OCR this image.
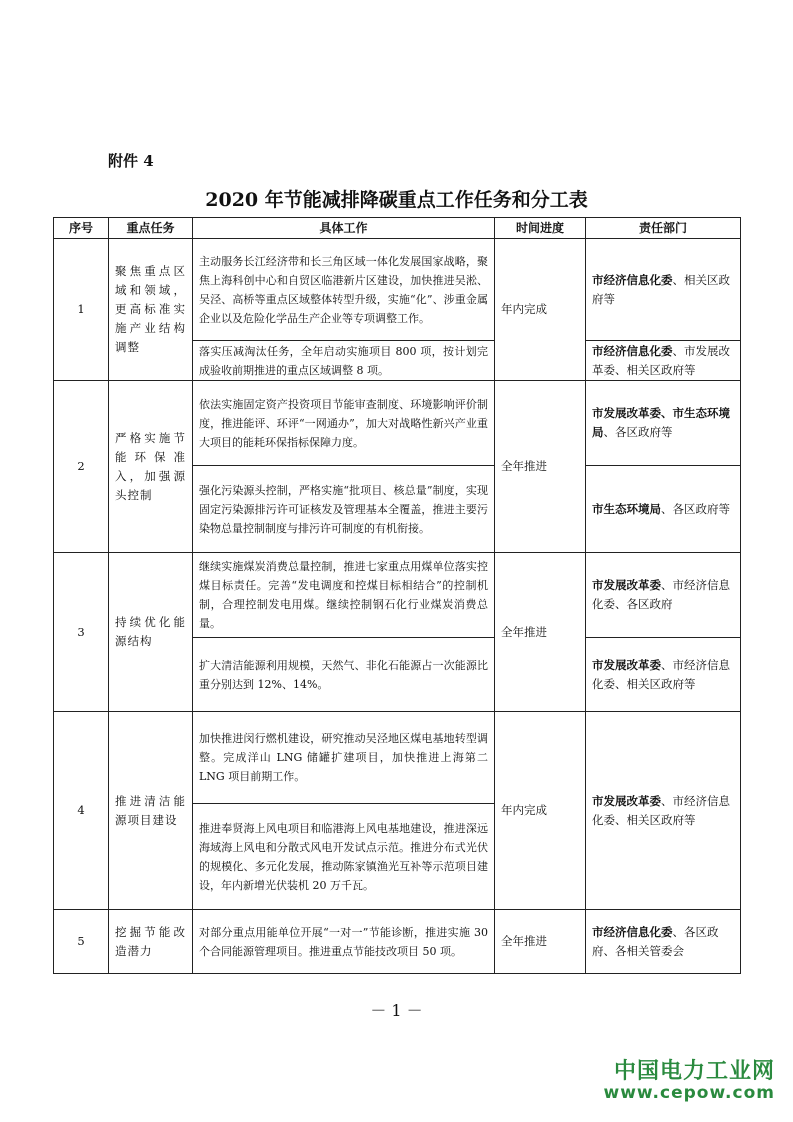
附件 4
2020 年节能减排降碳重点工作任务和分工表
序号	重点任务	具体工作	时间进度	责任部门
1	聚焦重点区域和领域，更高标准实施产业结构调整	主动服务长江经济带和长三角区域一体化发展国家战略，聚焦上海科创中心和自贸区临港新片区建设，加快推进吴淞、吴泾、高桥等重点区域整体转型升级，实施“化”、涉重金属企业以及危险化学品生产企业等专项调整工作。	年内完成	市经济信息化委、相关区政府等
		落实压减淘汰任务，全年启动实施项目 800 项，按计划完成验收前期推进的重点区域调整 8 项。		市经济信息化委、市发展改革委、相关区政府等
2	严格实施节能环保准入，加强源头控制	依法实施固定资产投资项目节能审查制度、环境影响评价制度，推进能评、环评“一网通办”，加大对战略性新兴产业重大项目的能耗环保指标保障力度。	全年推进	市发展改革委、市生态环境局、各区政府等
		强化污染源头控制，严格实施“批项目、核总量”制度，实现固定污染源排污许可证核发及管理基本全覆盖，推进主要污染物总量控制制度与排污许可制度的有机衔接。		市生态环境局、各区政府等
3	持续优化能源结构	继续实施煤炭消费总量控制，推进七家重点用煤单位落实控煤目标责任。完善“发电调度和控煤目标相结合”的控制机制，合理控制发电用煤。继续控制钢石化行业煤炭消费总量。	全年推进	市发展改革委、市经济信息化委、各区政府
		扩大清洁能源利用规模，天然气、非化石能源占一次能源比重分别达到 12%、14%。		市发展改革委、市经济信息化委、相关区政府等
4	推进清洁能源项目建设	加快推进闵行燃机建设，研究推动吴泾地区煤电基地转型调整。完成洋山 LNG 储罐扩建项目，加快推进上海第二 LNG 项目前期工作。	年内完成	市发展改革委、市经济信息化委、相关区政府等
		推进奉贤海上风电项目和临港海上风电基地建设，推进深远海域海上风电和分散式风电开发试点示范。推进分布式光伏的规模化、多元化发展，推动陈家镇渔光互补等示范项目建设，年内新增光伏装机 20 万千瓦。		
5	挖掘节能改造潜力	对部分重点用能单位开展“一对一”节能诊断，推进实施 30 个合同能源管理项目。推进重点节能技改项目 50 项。	全年推进	市经济信息化委、各区政府、各相关管委会
－ 1 －
中国电力工业网
www.cepow.com
